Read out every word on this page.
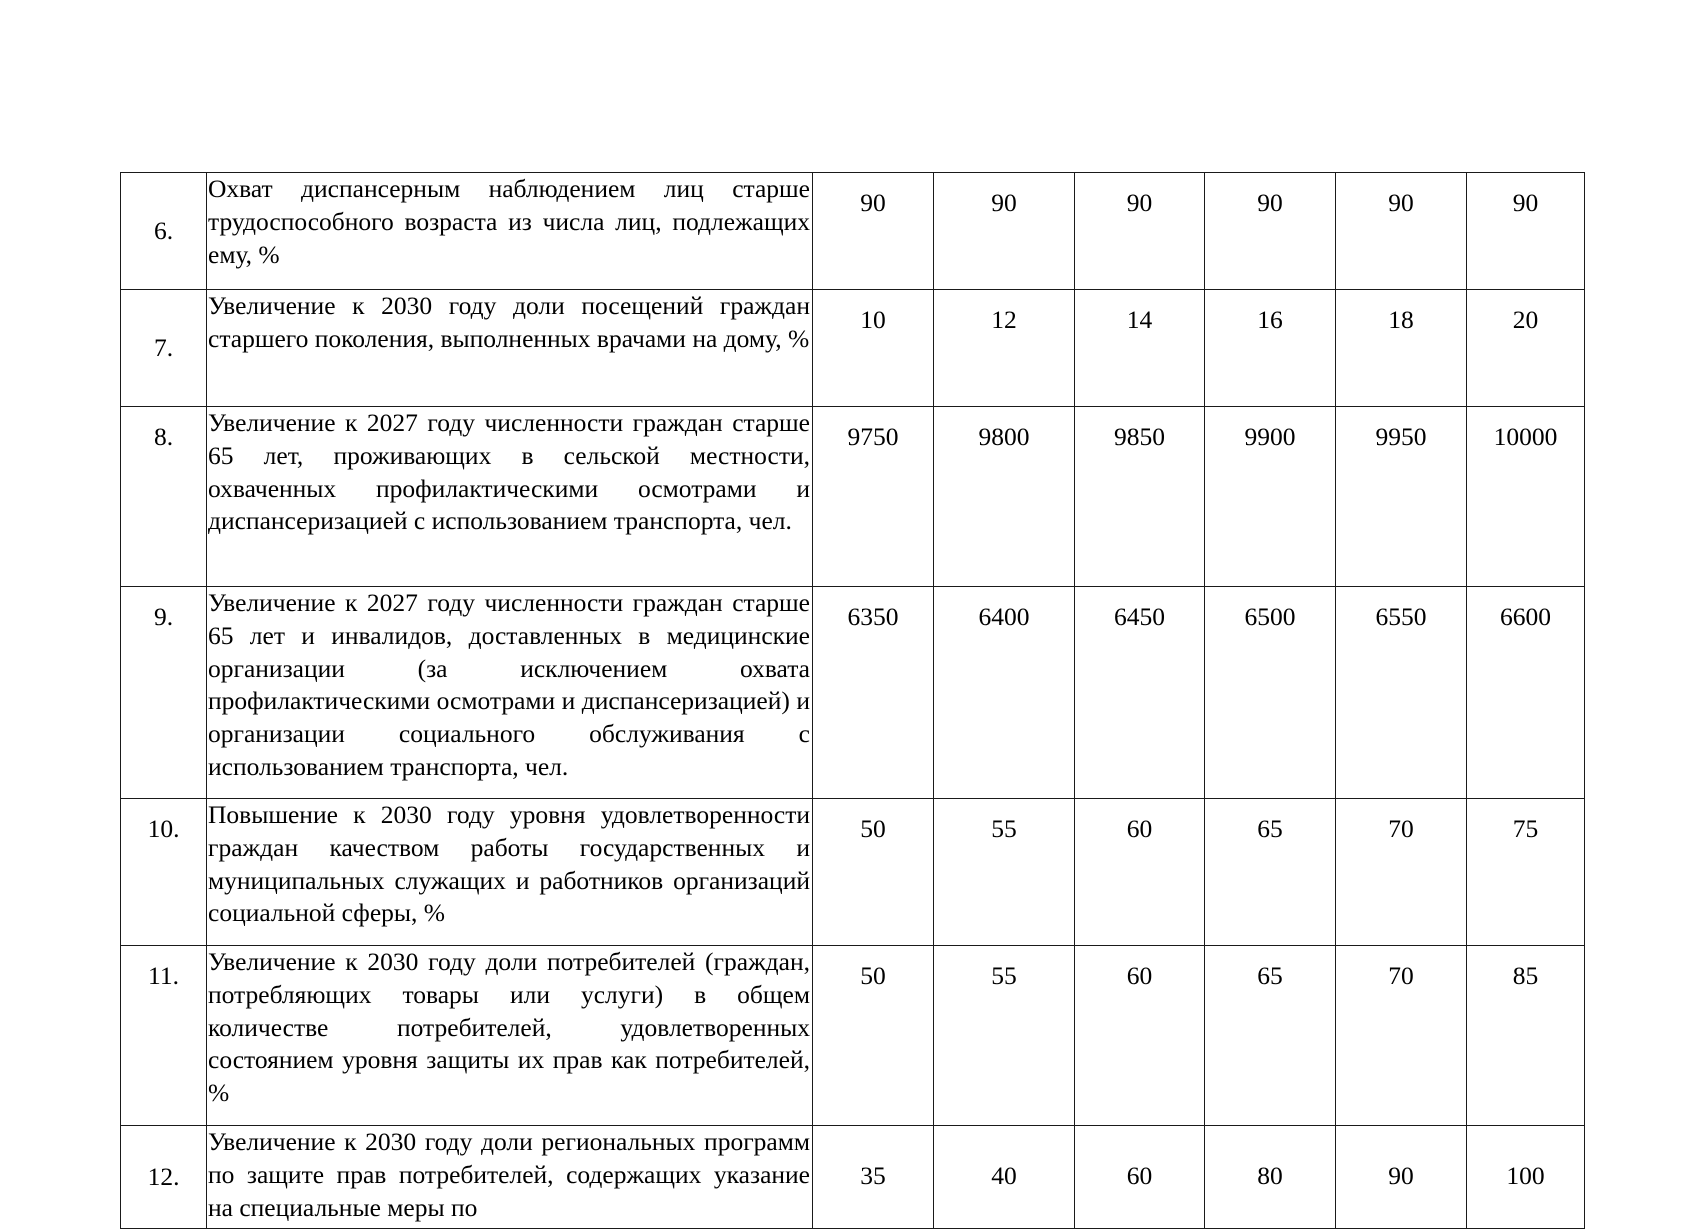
6.	Охват диспансерным наблюдением лиц старше трудоспособного возраста из числа лиц, подлежащих ему, %	90	90	90	90	90	90
7.	Увеличение к 2030 году доли посещений граждан старшего поколения, выполненных врачами на дому, %	10	12	14	16	18	20
8.	Увеличение к 2027 году численности граждан старше 65 лет, проживающих в сельской местности, охваченных профилактическими осмотрами и диспансеризацией с использованием транспорта, чел.	9750	9800	9850	9900	9950	10000
9.	Увеличение к 2027 году численности граждан старше 65 лет и инвалидов, доставленных в медицинские организации (за исключением охвата профилактическими осмотрами и диспансеризацией) и организации социального обслуживания с использованием транспорта, чел.	6350	6400	6450	6500	6550	6600
10.	Повышение к 2030 году уровня удовлетворенности граждан качеством работы государственных и муниципальных служащих и работников организаций социальной сферы, %	50	55	60	65	70	75
11.	Увеличение к 2030 году доли потребителей (граждан, потребляющих товары или услуги) в общем количестве потребителей, удовлетворенных состоянием уровня защиты их прав как потребителей, %	50	55	60	65	70	85
12.	Увеличение к 2030 году доли региональных программ по защите прав потребителей, содержащих указание на специальные меры по	35	40	60	80	90	100
